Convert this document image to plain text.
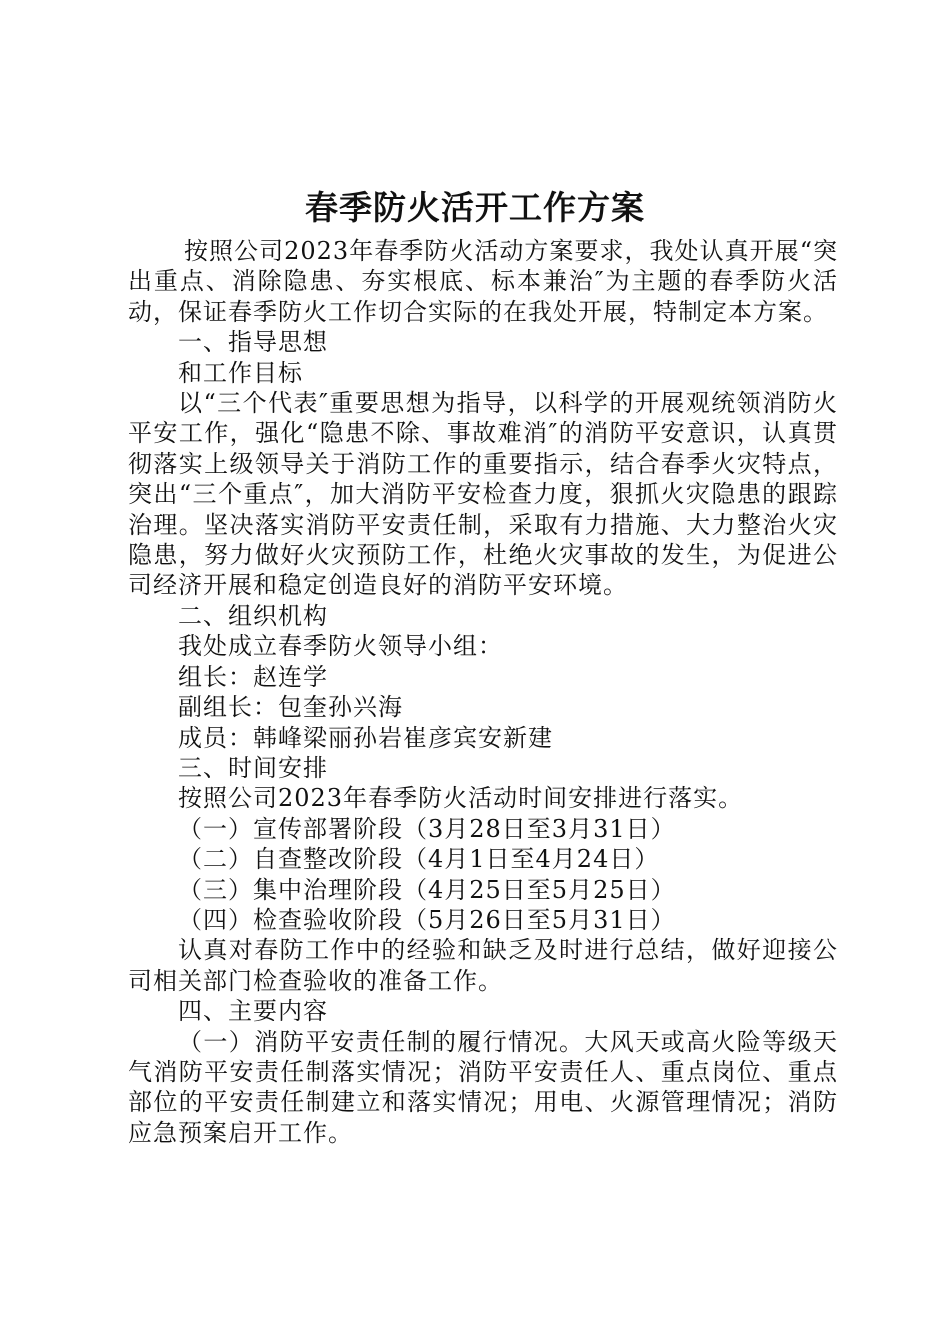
春季防火活开工作方案

按照公司2023年春季防火活动方案要求，我处认真开展“突出重点、消除隐患、夯实根底、标本兼治″为主题的春季防火活动，保证春季防火工作切合实际的在我处开展，特制定本方案。

一、指导思想

和工作目标

以“三个代表″重要思想为指导，以科学的开展观统领消防火平安工作，强化“隐患不除、事故难消″的消防平安意识，认真贯彻落实上级领导关于消防工作的重要指示，结合春季火灾特点，突出“三个重点″，加大消防平安检查力度，狠抓火灾隐患的跟踪治理。坚决落实消防平安责任制，采取有力措施、大力整治火灾隐患，努力做好火灾预防工作，杜绝火灾事故的发生，为促进公司经济开展和稳定创造良好的消防平安环境。

二、组织机构

我处成立春季防火领导小组：

组长：赵连学

副组长：包奎孙兴海

成员：韩峰梁丽孙岩崔彦宾安新建

三、时间安排

按照公司2023年春季防火活动时间安排进行落实。

（一）宣传部署阶段（3月28日至3月31日）

（二）自查整改阶段（4月1日至4月24日）

（三）集中治理阶段（4月25日至5月25日）

（四）检查验收阶段（5月26日至5月31日）

认真对春防工作中的经验和缺乏及时进行总结，做好迎接公司相关部门检查验收的准备工作。

四、主要内容

（一）消防平安责任制的履行情况。大风天或高火险等级天气消防平安责任制落实情况；消防平安责任人、重点岗位、重点部位的平安责任制建立和落实情况；用电、火源管理情况；消防应急预案启开工作。
